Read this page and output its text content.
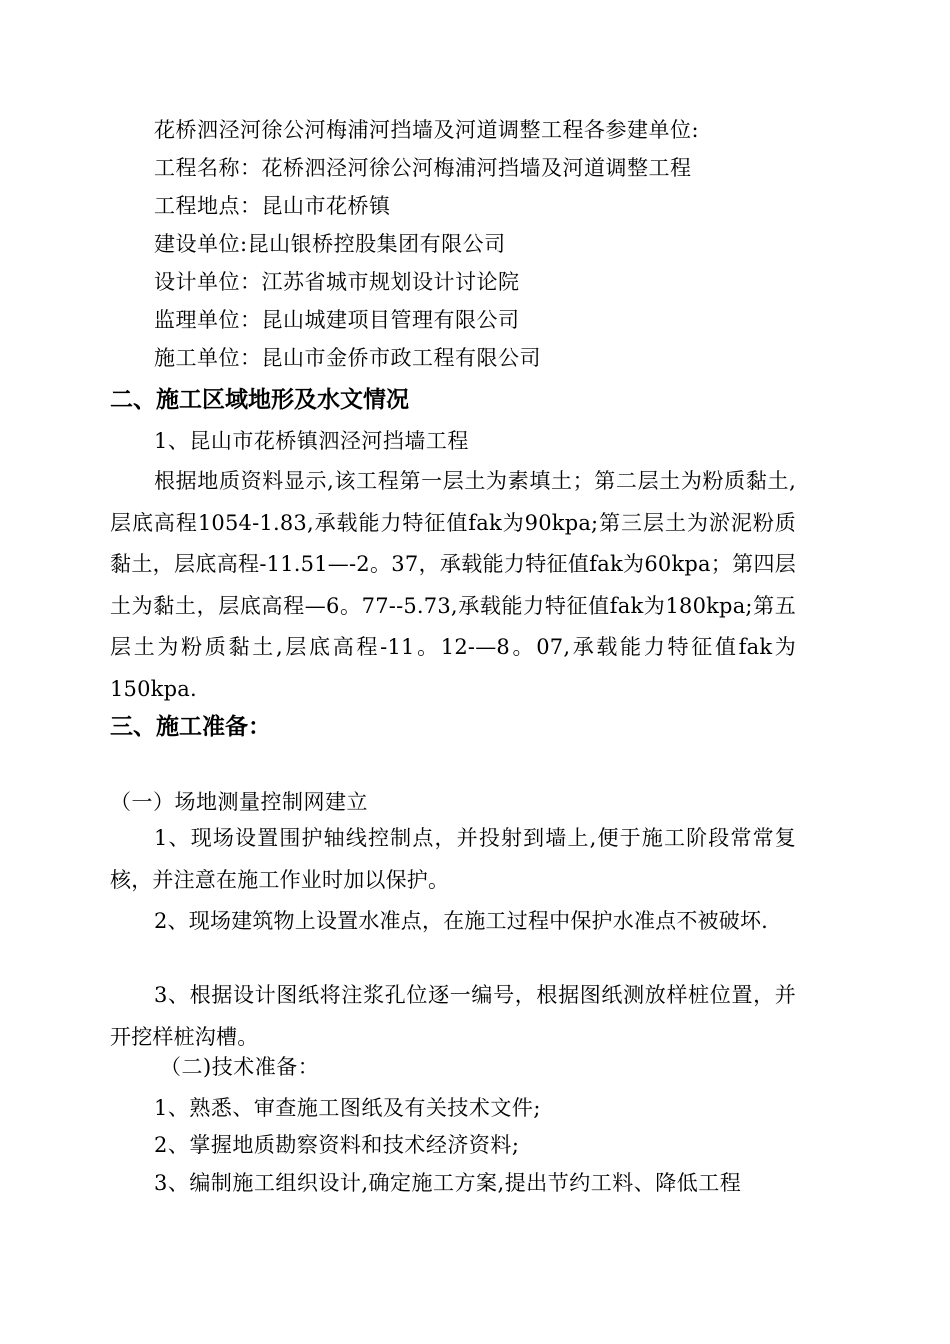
花桥泗泾河徐公河梅浦河挡墙及河道调整工程各参建单位:
工程名称：花桥泗泾河徐公河梅浦河挡墙及河道调整工程
工程地点：昆山市花桥镇
建设单位:昆山银桥控股集团有限公司
设计单位：江苏省城市规划设计讨论院
监理单位：昆山城建项目管理有限公司
施工单位：昆山市金侨市政工程有限公司
二、施工区域地形及水文情况
1、昆山市花桥镇泗泾河挡墙工程
根据地质资料显示,该工程第一层土为素填土；第二层土为粉质黏土,层底高程1054-1.83,承载能力特征值fak为90kpa;第三层土为淤泥粉质黏土，层底高程-11.51—-2。37，承载能力特征值fak为60kpa；第四层土为黏土，层底高程—6。77--5.73,承载能力特征值fak为180kpa;第五层土为粉质黏土,层底高程-11。12-—8。07,承载能力特征值fak为150kpa.
三、施工准备：
（一）场地测量控制网建立
1、现场设置围护轴线控制点，并投射到墙上,便于施工阶段常常复核，并注意在施工作业时加以保护。
2、现场建筑物上设置水准点，在施工过程中保护水准点不被破坏.
3、根据设计图纸将注浆孔位逐一编号，根据图纸测放样桩位置，并开挖样桩沟槽。
（二)技术准备：
1、熟悉、审查施工图纸及有关技术文件;
2、掌握地质勘察资料和技术经济资料;
3、编制施工组织设计,确定施工方案,提出节约工料、降低工程
